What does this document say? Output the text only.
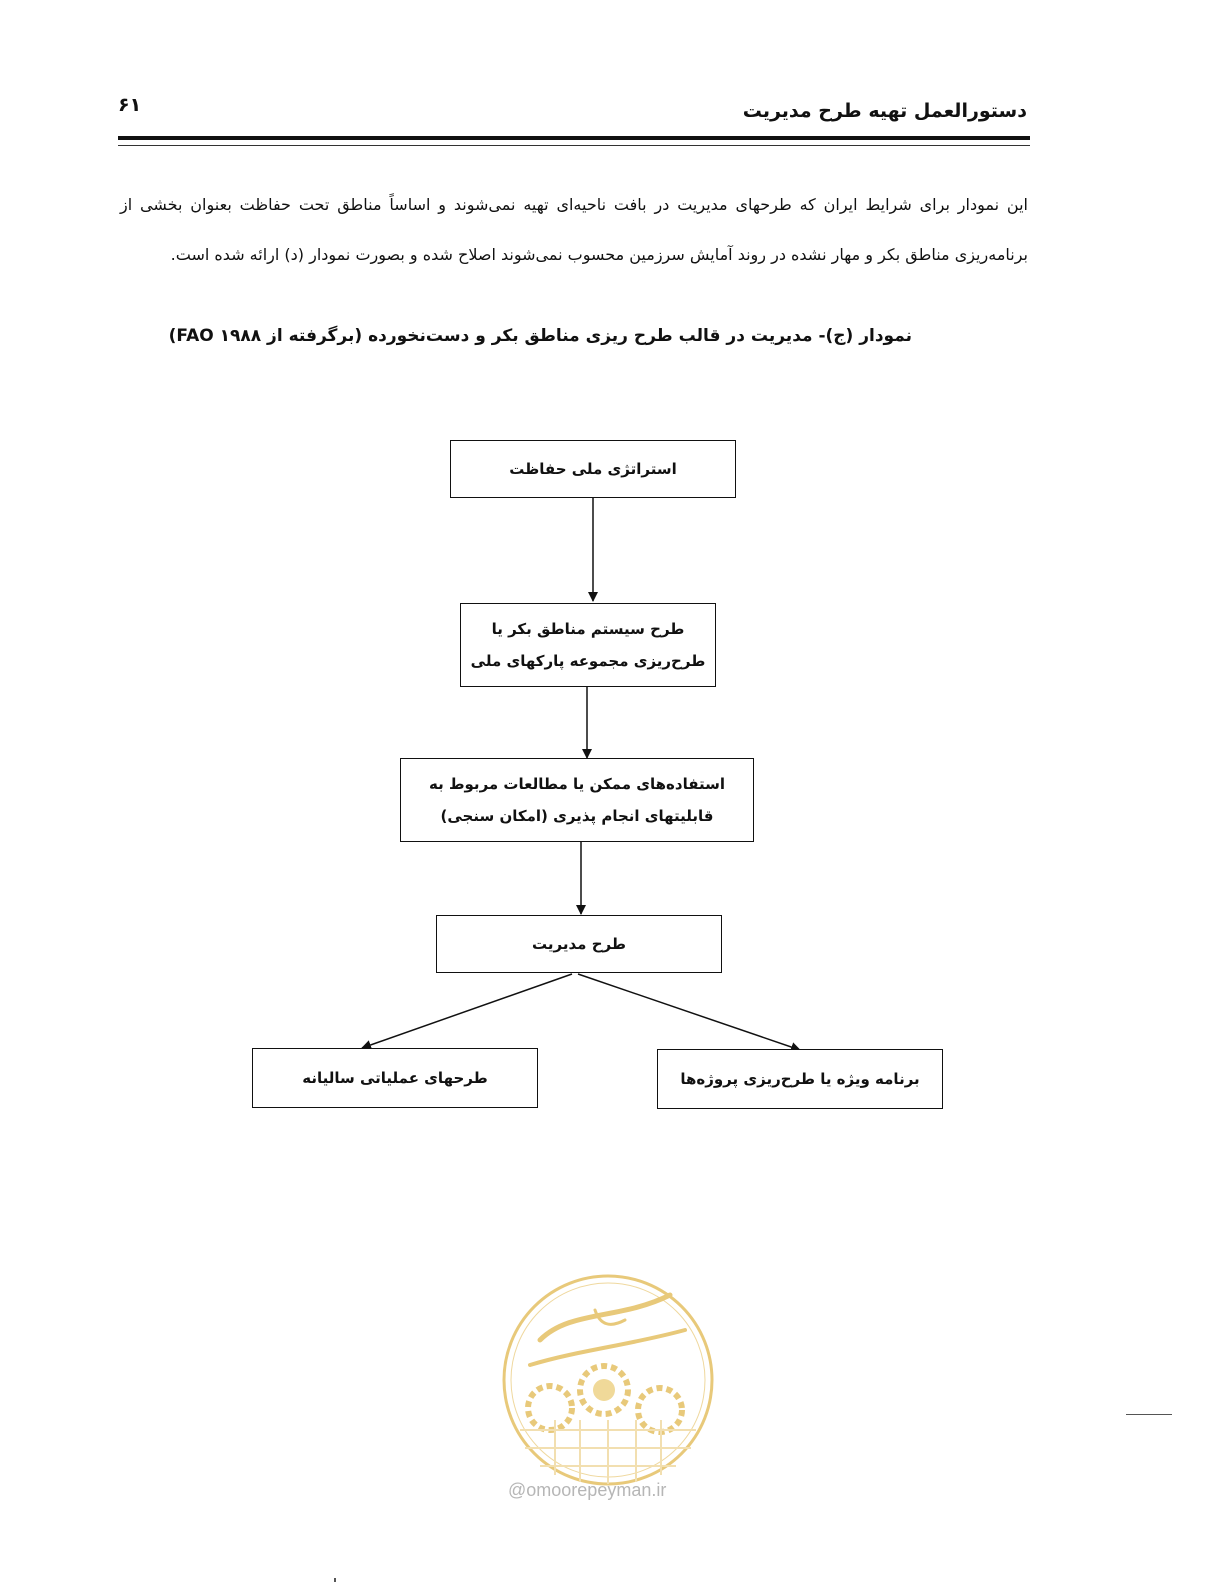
دستورالعمل تهیه طرح مدیریت
۶۱
این نمودار برای شرایط ایران که طرحهای مدیریت در بافت ناحیه‌ای تهیه نمی‌شوند و اساساً مناطق تحت حفاظت بعنوان بخشی از برنامه‌ریزی مناطق بکر و مهار نشده در روند آمایش سرزمین محسوب نمی‌شوند اصلاح شده و بصورت نمودار (د) ارائه شده است.
نمودار (ج)- مدیریت در قالب طرح ریزی مناطق بکر و دست‌نخورده (برگرفته از FAO ۱۹۸۸)
استراتژی ملی حفاظت
طرح سیستم مناطق بکر یا
طرح‌ریزی مجموعه پارکهای ملی
استفاده‌های ممکن یا مطالعات مربوط به
قابلیتهای انجام پذیری (امکان سنجی)
طرح مدیریت
طرحهای عملیاتی سالیانه	برنامه ویژه یا طرح‌ریزی پروژه‌ها
@omoorepeyman.ir
